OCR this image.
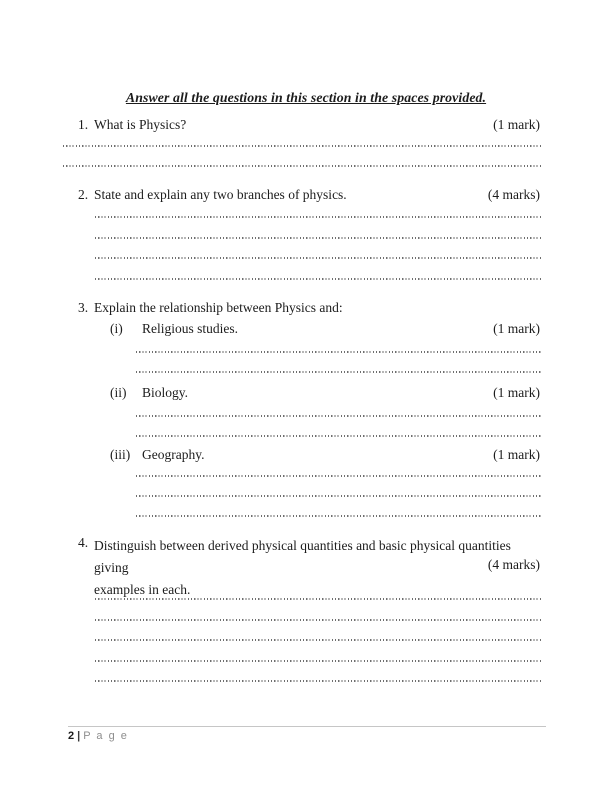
Answer all the questions in this section in the spaces provided.
1. What is Physics?	(1 mark)
2. State and explain any two branches of physics.	(4 marks)
3. Explain the relationship between Physics and:
(i) Religious studies.	(1 mark)
(ii) Biology.	(1 mark)
(iii) Geography.	(1 mark)
4. Distinguish between derived physical quantities and basic physical quantities giving
examples in each.
(4 marks)
2 | P a g e
